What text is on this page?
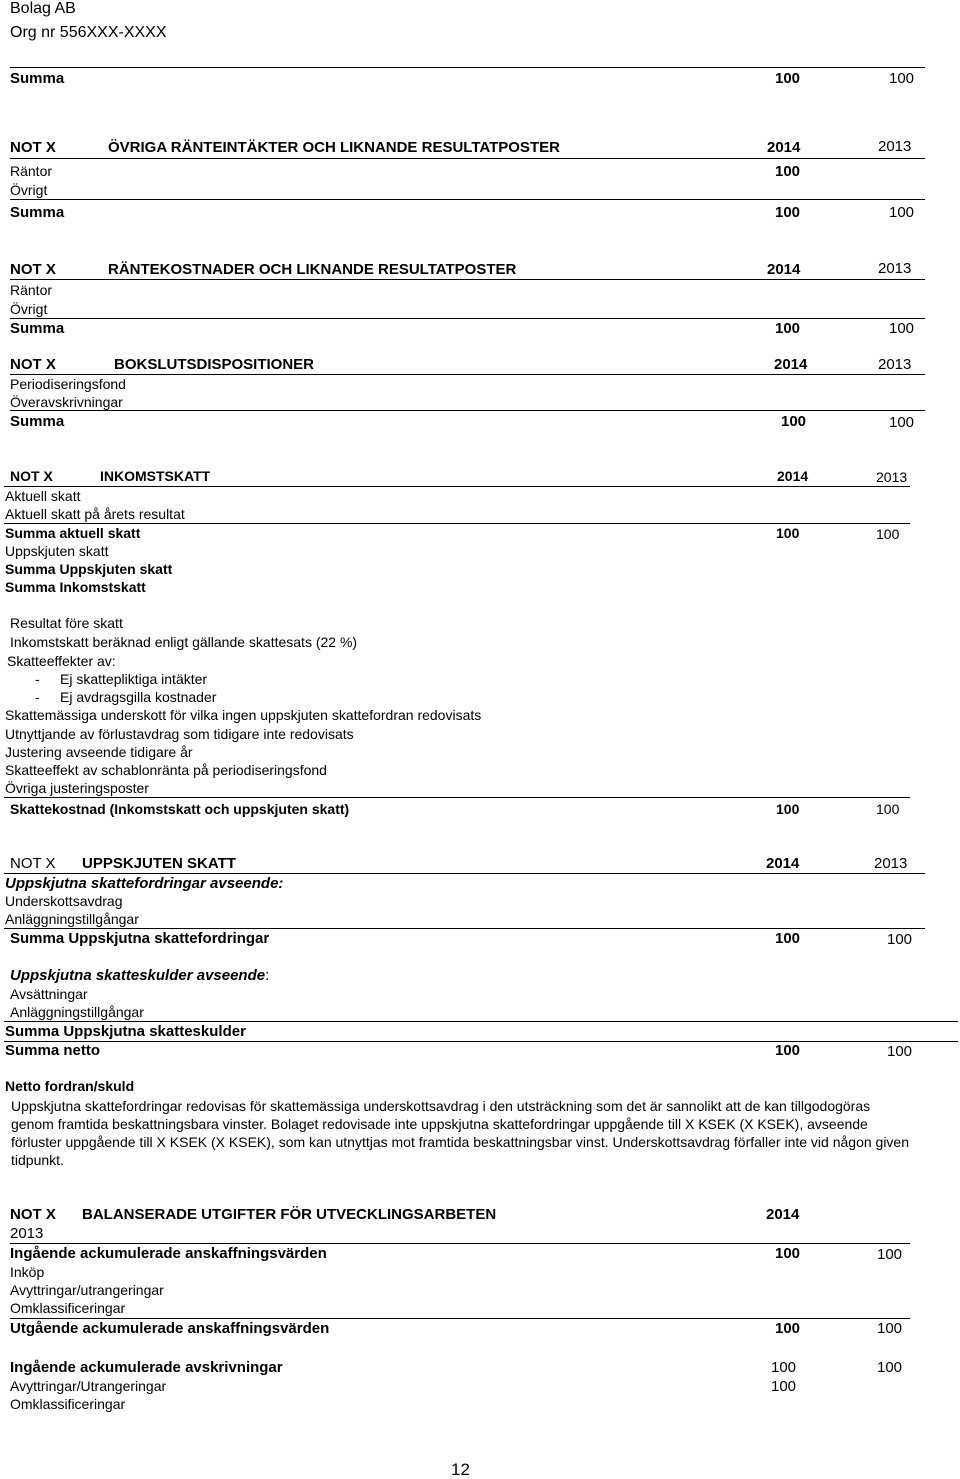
Bolag AB
Org nr 556XXX-XXXX
Summa	100	100
NOT X	ÖVRIGA RÄNTEINTÄKTER OCH LIKNANDE RESULTATPOSTER	2014	2013
Räntor	100
Övrigt
Summa	100	100
NOT X	RÄNTEKOSTNADER OCH LIKNANDE RESULTATPOSTER	2014	2013
Räntor
Övrigt
Summa	100	100
NOT X	BOKSLUTSDISPOSITIONER	2014	2013
Periodiseringsfond
Överavskrivningar
Summa	100	100
NOT X	INKOMSTSKATT	2014	2013
Aktuell skatt
Aktuell skatt på årets resultat
Summa aktuell skatt	100	100
Uppskjuten skatt
Summa Uppskjuten skatt
Summa Inkomstskatt
Resultat före skatt
Inkomstskatt beräknad enligt gällande skattesats (22 %)
Skatteeffekter av:
- Ej skattepliktiga intäkter
- Ej avdragsgilla kostnader
Skattemässiga underskott för vilka ingen uppskjuten skattefordran redovisats
Utnyttjande av förlustavdrag som tidigare inte redovisats
Justering avseende tidigare år
Skatteeffekt av schablonränta på periodiseringsfond
Övriga justeringsposter
Skattekostnad (Inkomstskatt och uppskjuten skatt)	100	100
NOT X UPPSKJUTEN SKATT	2014	2013
Uppskjutna skattefordringar avseende:
Underskottsavdrag
Anläggningstillgångar
Summa Uppskjutna skattefordringar	100	100
Uppskjutna skatteskulder avseende:
Avsättningar
Anläggningstillgångar
Summa Uppskjutna skatteskulder
Summa netto	100	100
Netto fordran/skuld
Uppskjutna skattefordringar redovisas för skattemässiga underskottsavdrag i den utsträckning som det är sannolikt att de kan tillgodogöras genom framtida beskattningsbara vinster. Bolaget redovisade inte uppskjutna skattefordringar uppgående till X KSEK (X KSEK), avseende förluster uppgående till X KSEK (X KSEK), som kan utnyttjas mot framtida beskattningsbar vinst. Underskottsavdrag förfaller inte vid någon given tidpunkt.
NOT X BALANSERADE UTGIFTER FÖR UTVECKLINGSARBETEN	2014
2013
Ingående ackumulerade anskaffningsvärden	100	100
Inköp
Avyttringar/utrangeringar
Omklassificeringar
Utgående ackumulerade anskaffningsvärden	100	100
Ingående ackumulerade avskrivningar	100	100
Avyttringar/Utrangeringar	100
Omklassificeringar
12
